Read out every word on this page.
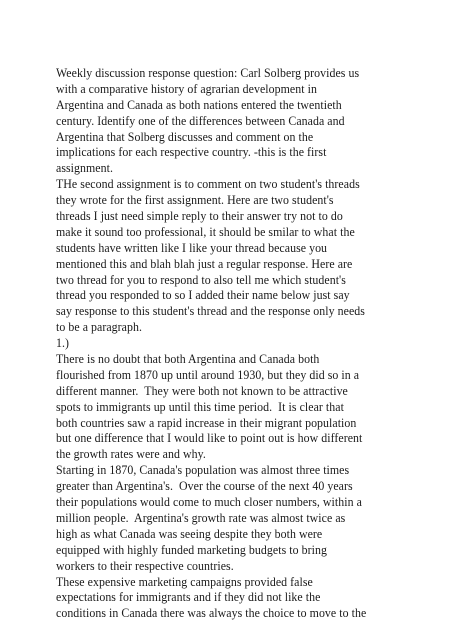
Weekly discussion response question: Carl Solberg provides us
with a comparative history of agrarian development in
Argentina and Canada as both nations entered the twentieth
century. Identify one of the differences between Canada and
Argentina that Solberg discusses and comment on the
implications for each respective country. -this is the first
assignment.
THe second assignment is to comment on two student's threads
they wrote for the first assignment. Here are two student's
threads I just need simple reply to their answer try not to do
make it sound too professional, it should be smilar to what the
students have written like I like your thread because you
mentioned this and blah blah just a regular response. Here are
two thread for you to respond to also tell me which student's
thread you responded to so I added their name below just say
say response to this student's thread and the response only needs
to be a paragraph.
1.)
There is no doubt that both Argentina and Canada both
flourished from 1870 up until around 1930, but they did so in a
different manner.  They were both not known to be attractive
spots to immigrants up until this time period.  It is clear that
both countries saw a rapid increase in their migrant population
but one difference that I would like to point out is how different
the growth rates were and why.
Starting in 1870, Canada's population was almost three times
greater than Argentina's.  Over the course of the next 40 years
their populations would come to much closer numbers, within a
million people.  Argentina's growth rate was almost twice as
high as what Canada was seeing despite they both were
equipped with highly funded marketing budgets to bring
workers to their respective countries.
These expensive marketing campaigns provided false
expectations for immigrants and if they did not like the
conditions in Canada there was always the choice to move to the
